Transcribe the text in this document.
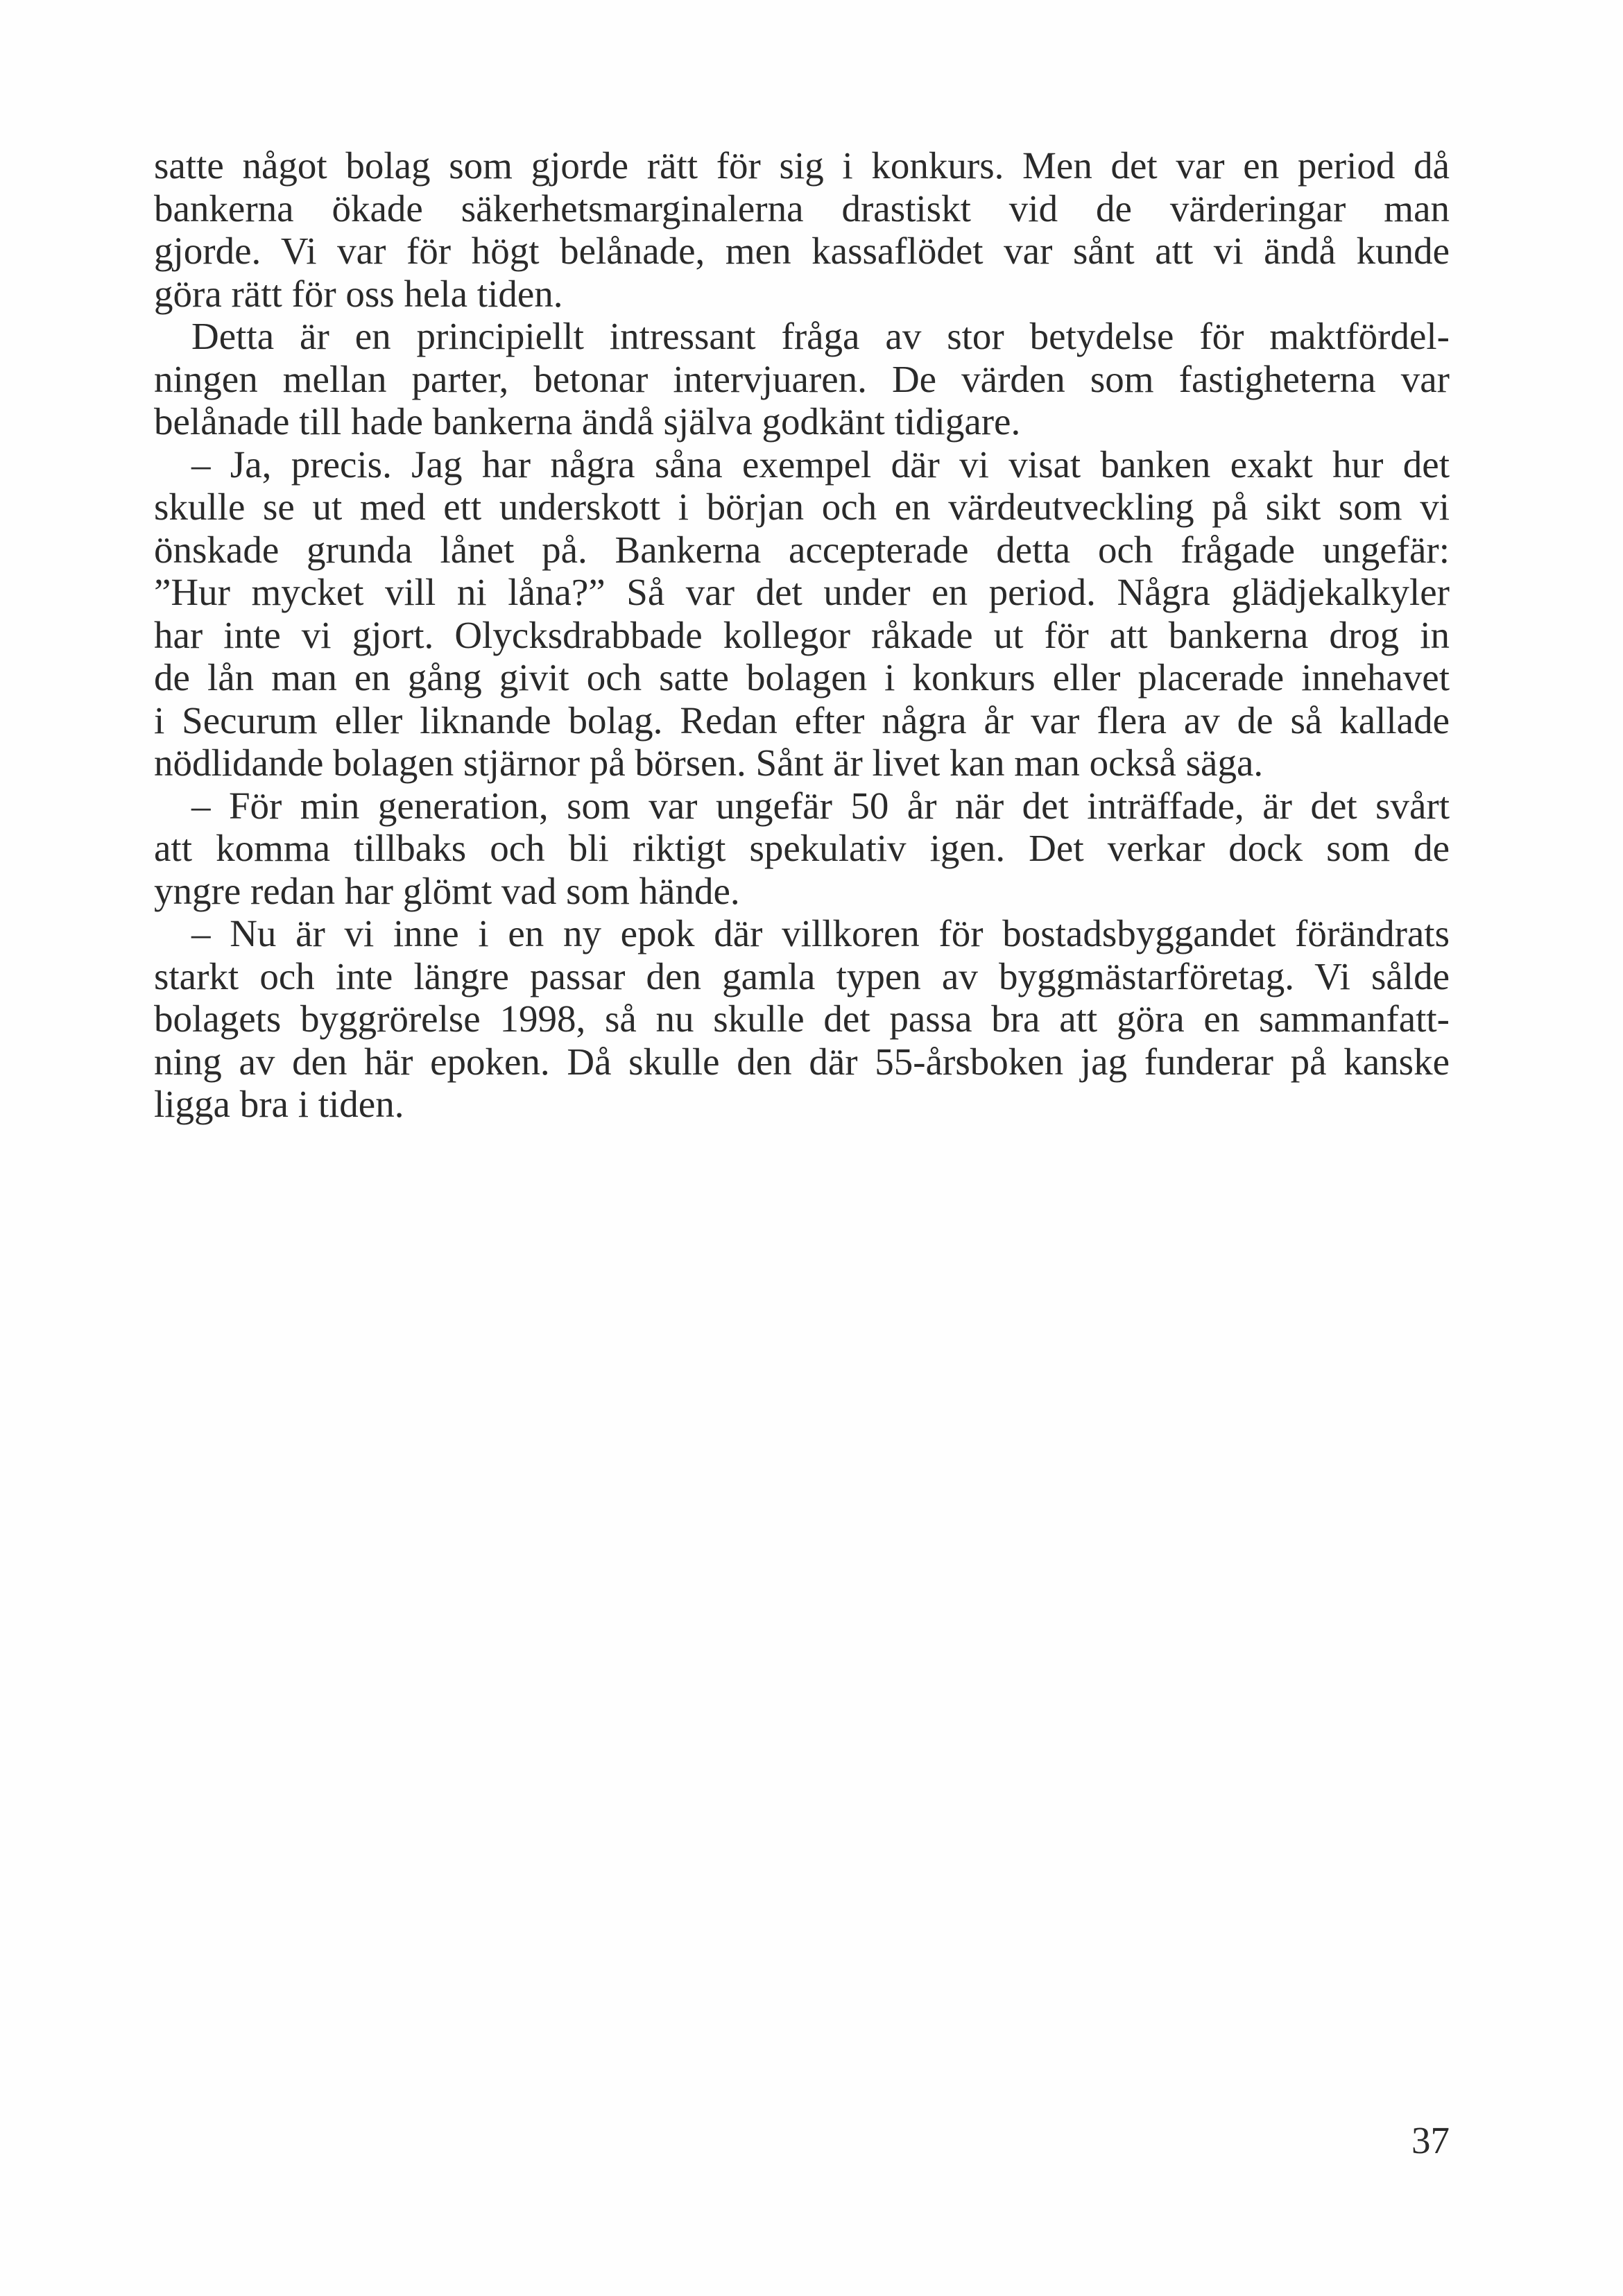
satte något bolag som gjorde rätt för sig i konkurs. Men det var en period då
bankerna ökade säkerhetsmarginalerna drastiskt vid de värderingar man
gjorde. Vi var för högt belånade, men kassaflödet var sånt att vi ändå kunde
göra rätt för oss hela tiden.
Detta är en principiellt intressant fråga av stor betydelse för maktfördel-
ningen mellan parter, betonar intervjuaren. De värden som fastigheterna var
belånade till hade bankerna ändå själva godkänt tidigare.
– Ja, precis. Jag har några såna exempel där vi visat banken exakt hur det
skulle se ut med ett underskott i början och en värdeutveckling på sikt som vi
önskade grunda lånet på. Bankerna accepterade detta och frågade ungefär:
”Hur mycket vill ni låna?” Så var det under en period. Några glädjekalkyler
har inte vi gjort. Olycksdrabbade kollegor råkade ut för att bankerna drog in
de lån man en gång givit och satte bolagen i konkurs eller placerade innehavet
i Securum eller liknande bolag. Redan efter några år var flera av de så kallade
nödlidande bolagen stjärnor på börsen. Sånt är livet kan man också säga.
– För min generation, som var ungefär 50 år när det inträffade, är det svårt
att komma tillbaks och bli riktigt spekulativ igen. Det verkar dock som de
yngre redan har glömt vad som hände.
– Nu är vi inne i en ny epok där villkoren för bostadsbyggandet förändrats
starkt och inte längre passar den gamla typen av byggmästarföretag. Vi sålde
bolagets byggrörelse 1998, så nu skulle det passa bra att göra en sammanfatt-
ning av den här epoken. Då skulle den där 55-årsboken jag funderar på kanske
ligga bra i tiden.
37
